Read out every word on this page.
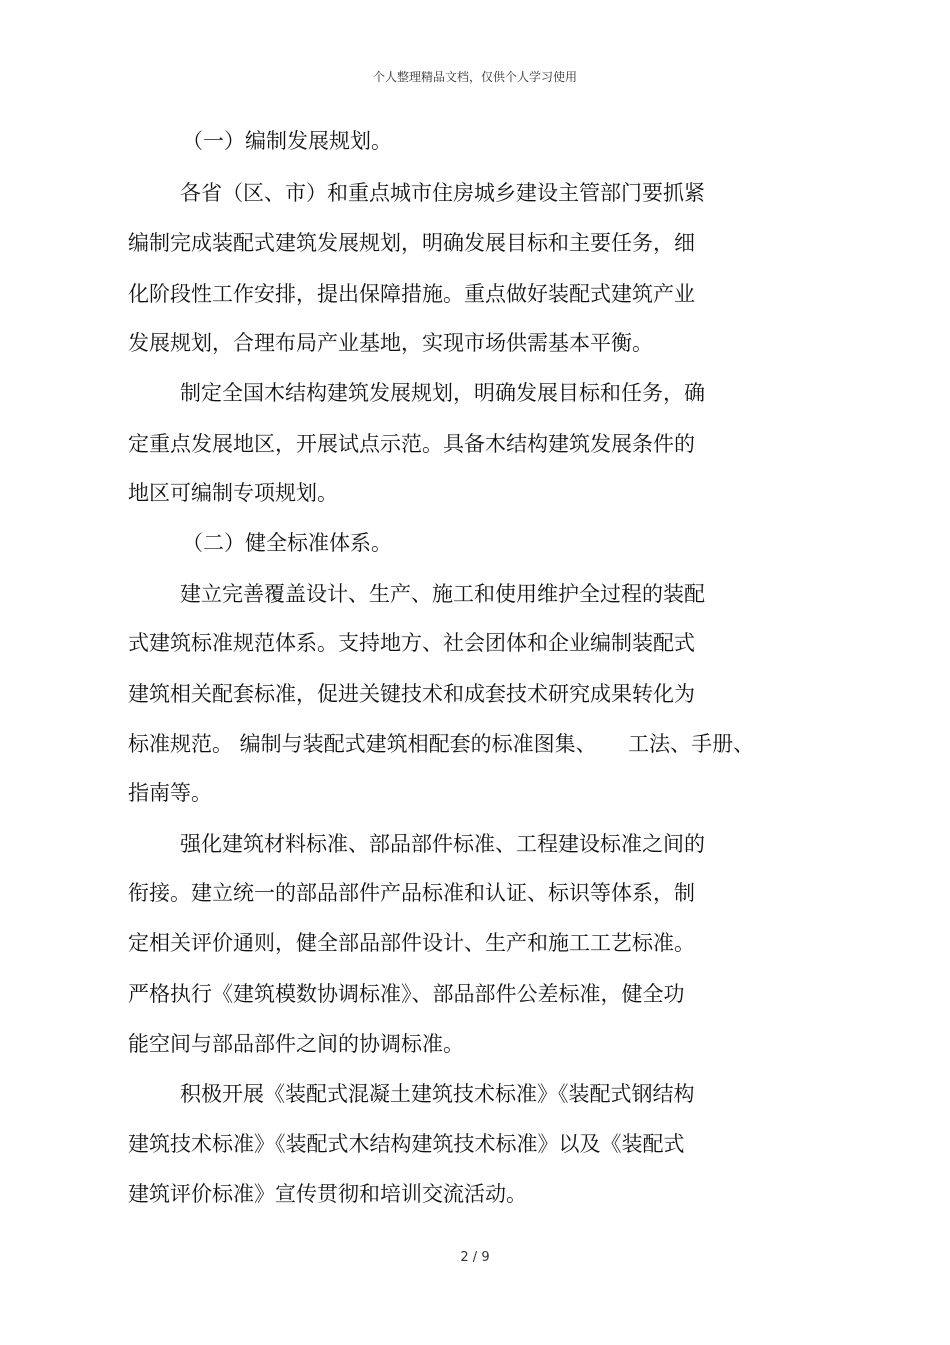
个人整理精品文档，仅供个人学习使用
（一）编制发展规划。
各省（区、市）和重点城市住房城乡建设主管部门要抓紧
编制完成装配式建筑发展规划，明确发展目标和主要任务，细
化阶段性工作安排，提出保障措施。重点做好装配式建筑产业
发展规划，合理布局产业基地，实现市场供需基本平衡。
制定全国木结构建筑发展规划，明确发展目标和任务，确
定重点发展地区，开展试点示范。具备木结构建筑发展条件的
地区可编制专项规划。
（二）健全标准体系。
建立完善覆盖设计、生产、施工和使用维护全过程的装配
式建筑标准规范体系。支持地方、社会团体和企业编制装配式
建筑相关配套标准，促进关键技术和成套技术研究成果转化为
标准规范。 编制与装配式建筑相配套的标准图集、　　工法、手册、
指南等。
强化建筑材料标准、部品部件标准、工程建设标准之间的
衔接。建立统一的部品部件产品标准和认证、标识等体系，制
定相关评价通则，健全部品部件设计、生产和施工工艺标准。
严格执行《建筑模数协调标准》、部品部件公差标准，健全功
能空间与部品部件之间的协调标准。
积极开展《装配式混凝土建筑技术标准》《装配式钢结构
建筑技术标准》《装配式木结构建筑技术标准》以及《装配式
建筑评价标准》宣传贯彻和培训交流活动。
2 / 9
